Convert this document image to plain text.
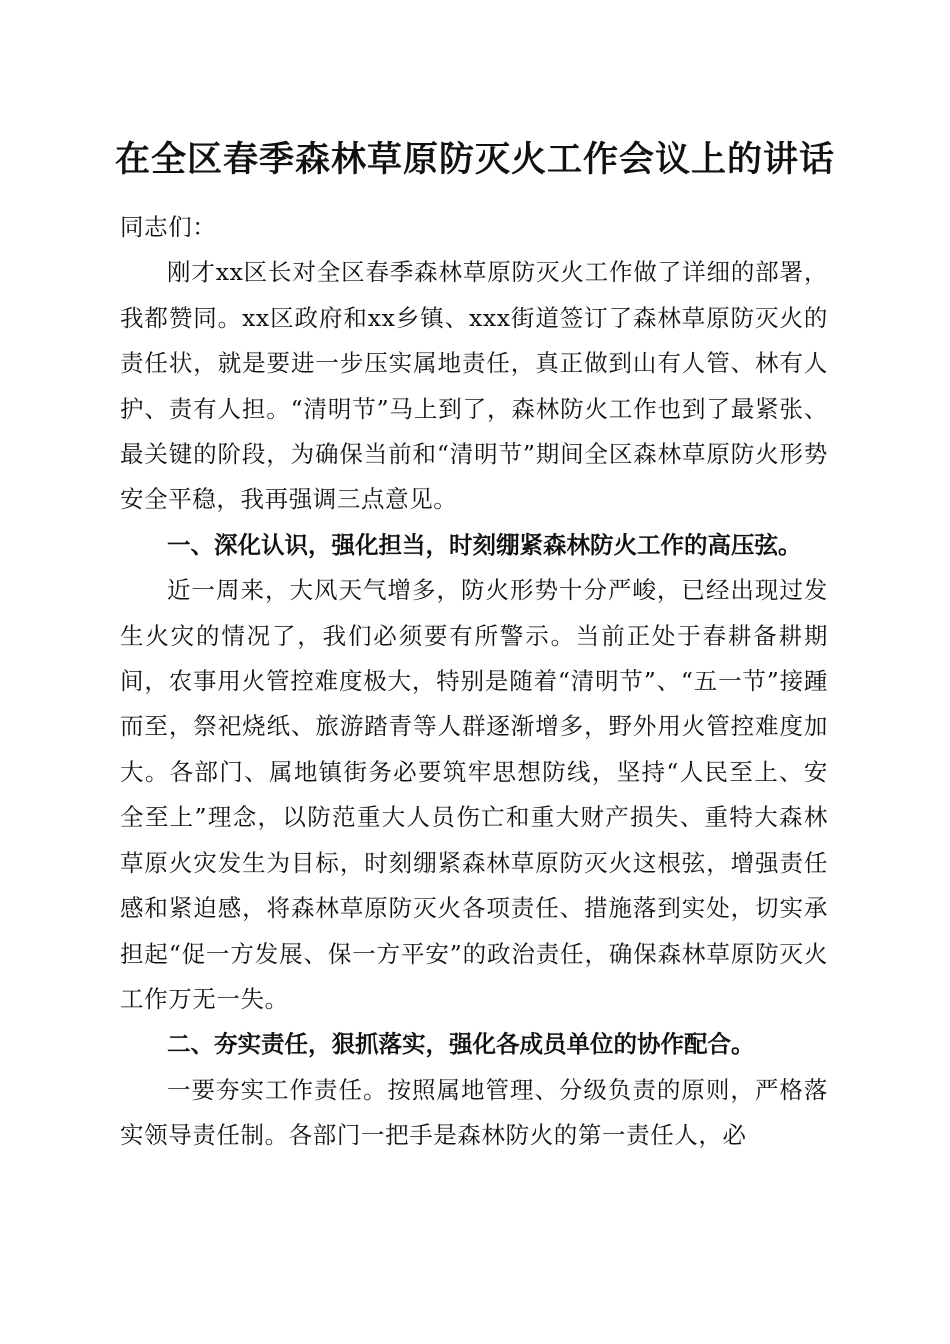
在全区春季森林草原防灭火工作会议上的讲话

同志们：

刚才xx区长对全区春季森林草原防灭火工作做了详细的部署，我都赞同。xx区政府和xx乡镇、xxx街道签订了森林草原防灭火的责任状，就是要进一步压实属地责任，真正做到山有人管、林有人护、责有人担。“清明节”马上到了，森林防火工作也到了最紧张、最关键的阶段，为确保当前和“清明节”期间全区森林草原防火形势安全平稳，我再强调三点意见。

一、深化认识，强化担当，时刻绷紧森林防火工作的高压弦。

近一周来，大风天气增多，防火形势十分严峻，已经出现过发生火灾的情况了，我们必须要有所警示。当前正处于春耕备耕期间，农事用火管控难度极大，特别是随着“清明节”、“五一节”接踵而至，祭祀烧纸、旅游踏青等人群逐渐增多，野外用火管控难度加大。各部门、属地镇街务必要筑牢思想防线，坚持“人民至上、安全至上”理念，以防范重大人员伤亡和重大财产损失、重特大森林草原火灾发生为目标，时刻绷紧森林草原防灭火这根弦，增强责任感和紧迫感，将森林草原防灭火各项责任、措施落到实处，切实承担起“促一方发展、保一方平安”的政治责任，确保森林草原防灭火工作万无一失。

二、夯实责任，狠抓落实，强化各成员单位的协作配合。

一要夯实工作责任。按照属地管理、分级负责的原则，严格落实领导责任制。各部门一把手是森林防火的第一责任人，必
